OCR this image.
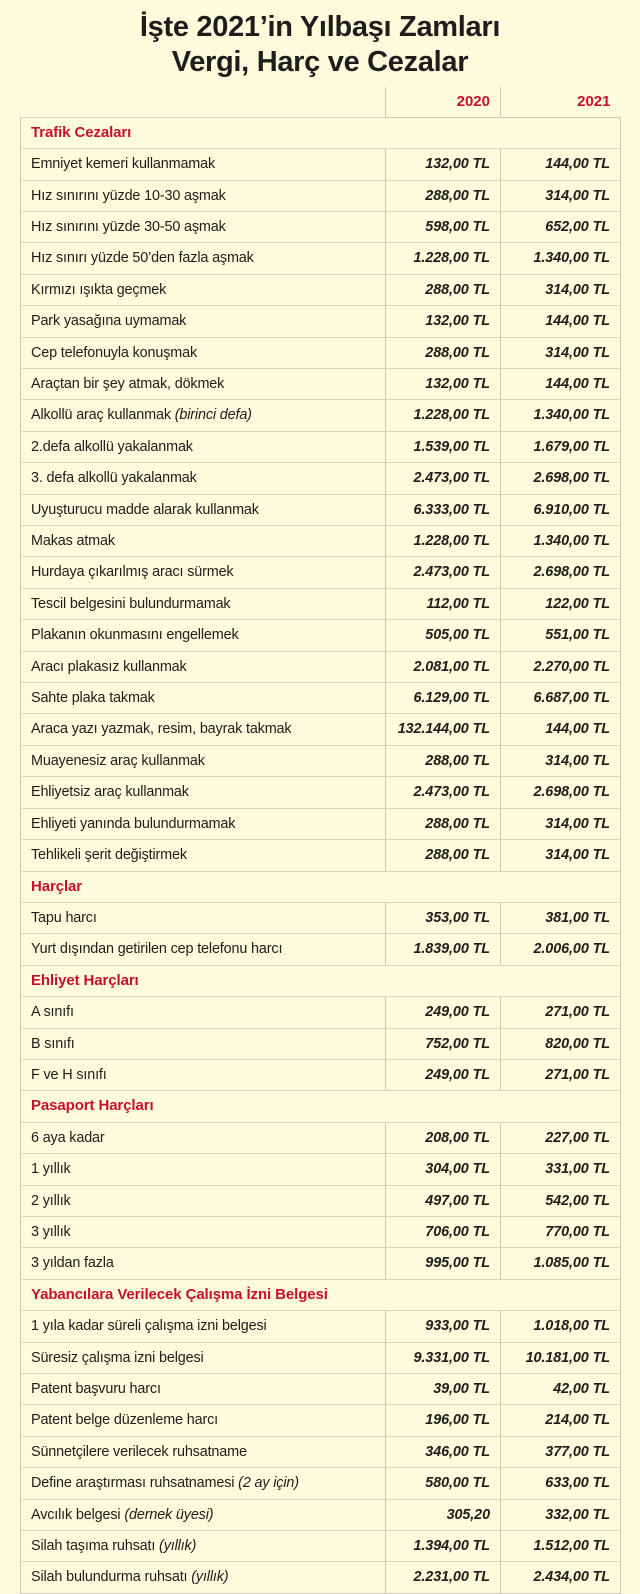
İşte 2021’in Yılbaşı Zamları
Vergi, Harç ve Cezalar
	2020	2021
Trafik Cezaları		
Emniyet kemeri kullanmamak	132,00 TL	144,00 TL
Hız sınırını yüzde 10-30 aşmak	288,00 TL	314,00 TL
Hız sınırını yüzde 30-50 aşmak	598,00 TL	652,00 TL
Hız sınırı yüzde 50’den fazla aşmak	1.228,00 TL	1.340,00 TL
Kırmızı ışıkta geçmek	288,00 TL	314,00 TL
Park yasağına uymamak	132,00 TL	144,00 TL
Cep telefonuyla konuşmak	288,00 TL	314,00 TL
Araçtan bir şey atmak, dökmek	132,00 TL	144,00 TL
Alkollü araç kullanmak (birinci defa)	1.228,00 TL	1.340,00 TL
2.defa alkollü yakalanmak	1.539,00 TL	1.679,00 TL
3. defa alkollü yakalanmak	2.473,00 TL	2.698,00 TL
Uyuşturucu madde alarak kullanmak	6.333,00 TL	6.910,00 TL
Makas atmak	1.228,00 TL	1.340,00 TL
Hurdaya çıkarılmış aracı sürmek	2.473,00 TL	2.698,00 TL
Tescil belgesini bulundurmamak	112,00 TL	122,00 TL
Plakanın okunmasını engellemek	505,00 TL	551,00 TL
Aracı plakasız kullanmak	2.081,00 TL	2.270,00 TL
Sahte plaka takmak	6.129,00 TL	6.687,00 TL
Araca yazı yazmak, resim, bayrak takmak	132.144,00 TL	144,00 TL
Muayenesiz araç kullanmak	288,00 TL	314,00 TL
Ehliyetsiz araç kullanmak	2.473,00 TL	2.698,00 TL
Ehliyeti yanında bulundurmamak	288,00 TL	314,00 TL
Tehlikeli şerit değiştirmek	288,00 TL	314,00 TL
Harçlar		
Tapu harcı	353,00 TL	381,00 TL
Yurt dışından getirilen cep telefonu harcı	1.839,00 TL	2.006,00 TL
Ehliyet Harçları		
A sınıfı	249,00 TL	271,00 TL
B sınıfı	752,00 TL	820,00 TL
F ve H sınıfı	249,00 TL	271,00 TL
Pasaport Harçları		
6 aya kadar	208,00 TL	227,00 TL
1 yıllık	304,00 TL	331,00 TL
2 yıllık	497,00 TL	542,00 TL
3 yıllık	706,00 TL	770,00 TL
3 yıldan fazla	995,00 TL	1.085,00 TL
Yabancılara Verilecek Çalışma İzni Belgesi		
1 yıla kadar süreli çalışma izni belgesi	933,00 TL	1.018,00 TL
Süresiz çalışma izni belgesi	9.331,00 TL	10.181,00 TL
Patent başvuru harcı	39,00 TL	42,00 TL
Patent belge düzenleme harcı	196,00 TL	214,00 TL
Sünnetçilere verilecek ruhsatname	346,00 TL	377,00 TL
Define araştırması ruhsatnamesi (2 ay için)	580,00 TL	633,00 TL
Avcılık belgesi (dernek üyesi)	305,20	332,00 TL
Silah taşıma ruhsatı (yıllık)	1.394,00 TL	1.512,00 TL
Silah bulundurma ruhsatı (yıllık)	2.231,00 TL	2.434,00 TL
